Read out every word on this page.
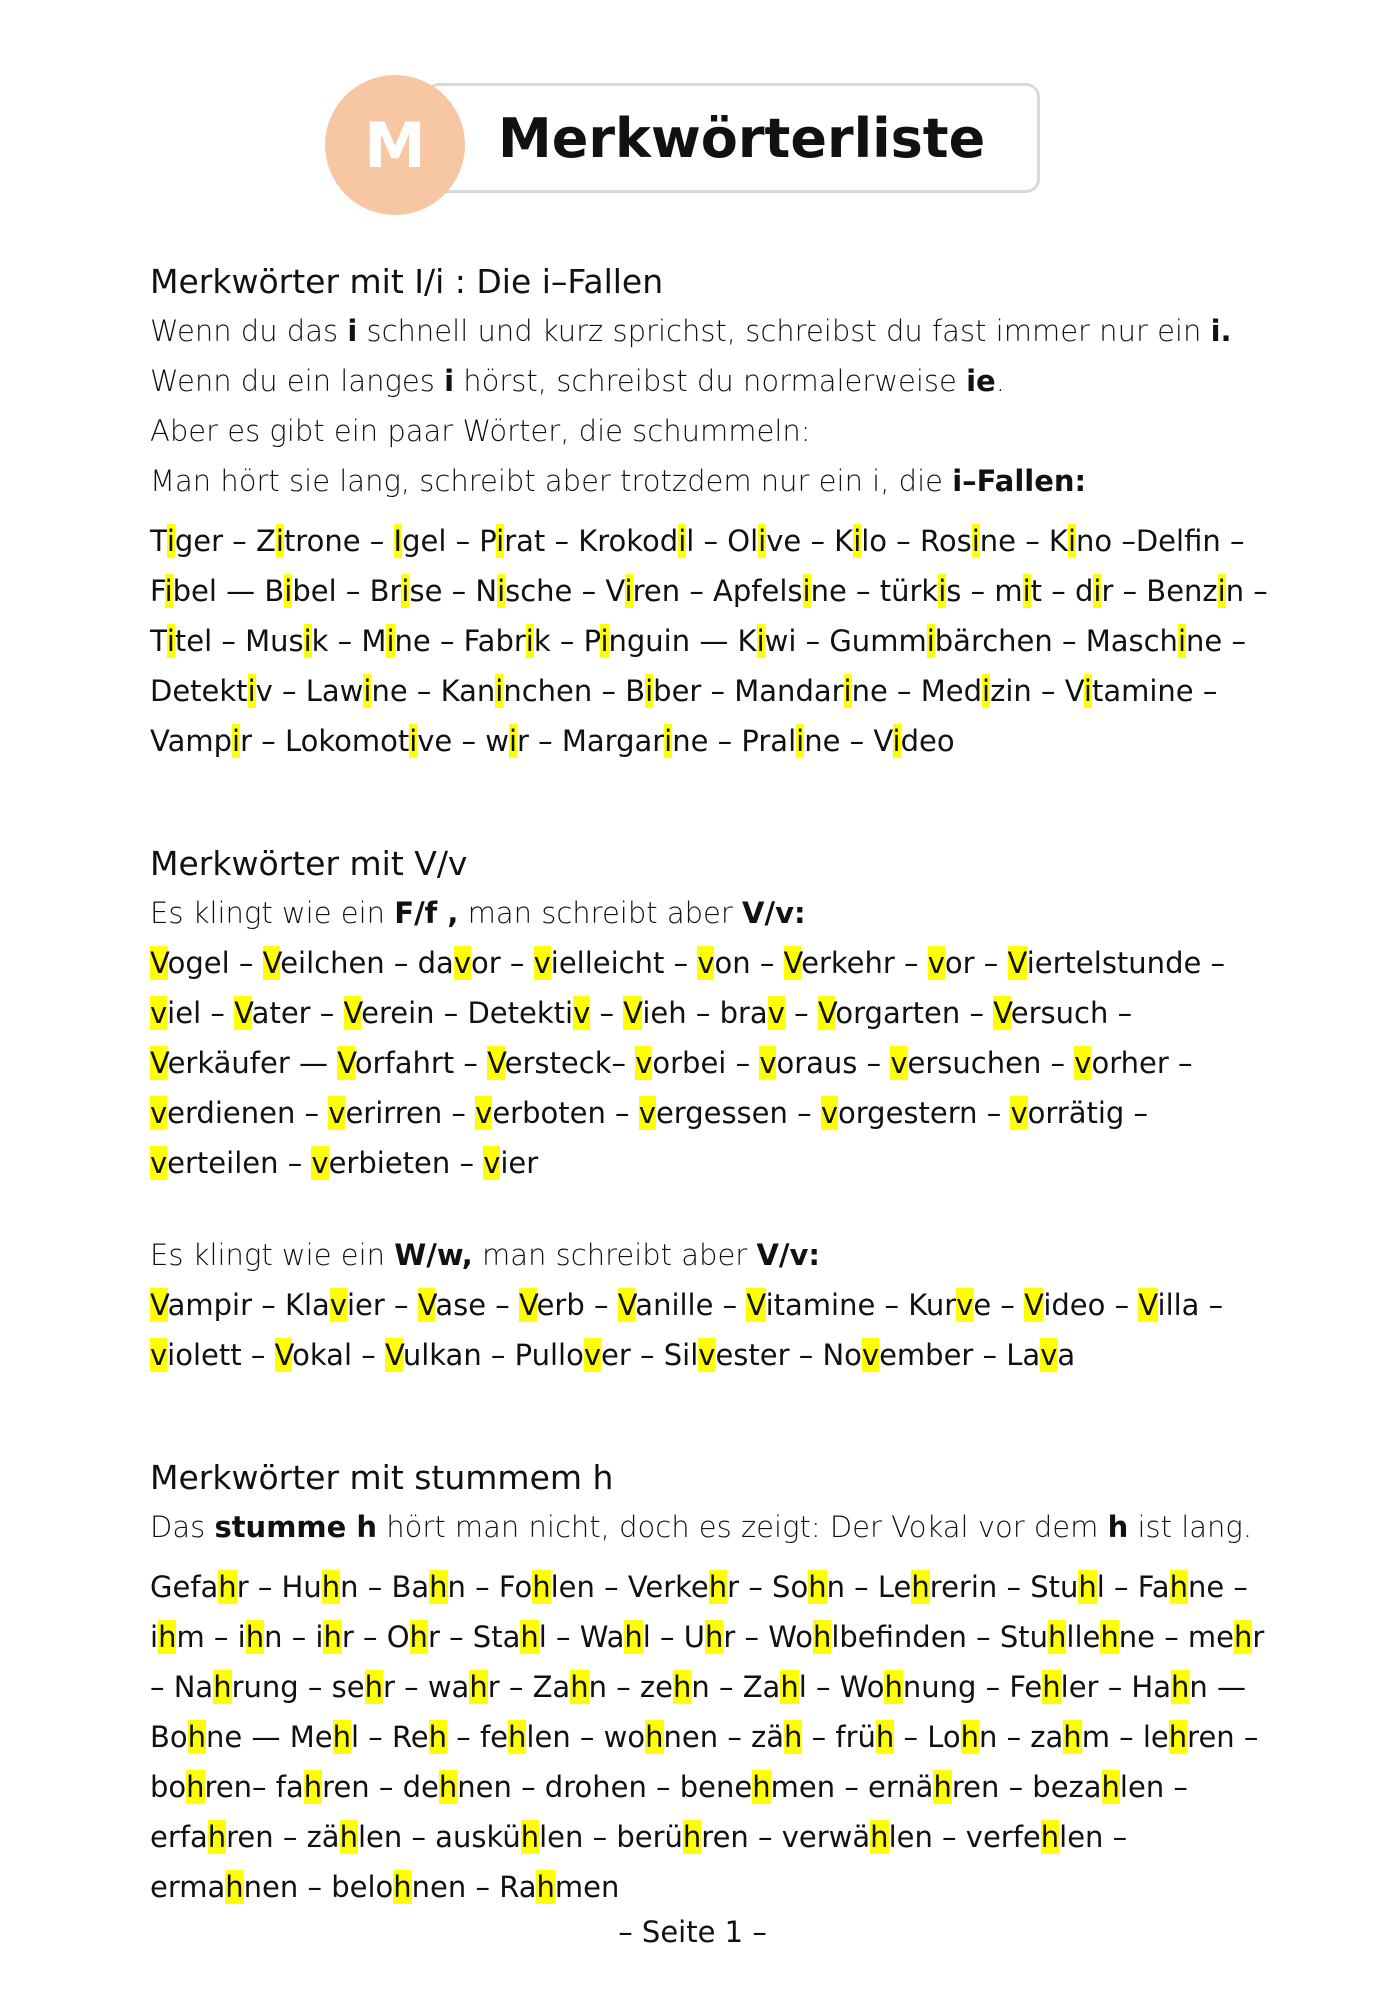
M	Merkwörterliste
Merkwörter mit I/i : Die i–Fallen

Wenn du das i schnell und kurz sprichst, schreibst du fast immer nur ein i.

Wenn du ein langes i hörst, schreibst du normalerweise ie.

Aber es gibt ein paar Wörter, die schummeln:

Man hört sie lang, schreibt aber trotzdem nur ein i, die i–Fallen:

Tiger – Zitrone – Igel – Pirat – Krokodil – Olive – Kilo – Rosine – Kino –Delfn – Fibel — Bibel – Brise – Nische – Viren – Apfelsine – türkis – mit – dir – Benzin – Titel – Musik – Mine – Fabrik – Pinguin — Kiwi – Gummibärchen – Maschine – Detektiv – Lawine – Kaninchen – Biber – Mandarine – Medizin – Vitamine – Vampir – Lokomotive – wir – Margarine – Praline – Video

Merkwörter mit V/v

Es klingt wie ein F/f , man schreibt aber V/v:

Vogel – Veilchen – davor – vielleicht – von – Verkehr – vor – Viertelstunde – viel – Vater – Verein – Detektiv – Vieh – brav – Vorgarten – Versuch – Verkäufer — Vorfahrt – Versteck– vorbei – voraus – versuchen – vorher – verdienen – verirren – verboten – vergessen – vorgestern – vorrätig – verteilen – verbieten – vier

Es klingt wie ein W/w, man schreibt aber V/v:

Vampir – Klavier – Vase – Verb – Vanille – Vitamine – Kurve – Video – Villa – violett – Vokal – Vulkan – Pullover – Silvester – November – Lava

Merkwörter mit stummem h

Das stumme h hört man nicht, doch es zeigt: Der Vokal vor dem h ist lang.

Gefahr – Huhn – Bahn – Fohlen – Verkehr – Sohn – Lehrerin – Stuhl – Fahne – ihm – ihn – ihr – Ohr – Stahl – Wahl – Uhr – Wohlbefinden – Stuhllehne – mehr – Nahrung – sehr – wahr – Zahn – zehn – Zahl – Wohnung – Fehler – Hahn — Bohne — Mehl – Reh – fehlen – wohnen – zäh – früh – Lohn – zahm – lehren – bohren– fahren – dehnen – drohen – benehmen – ernähren – bezahlen – erfahren – zählen – auskühlen – berühren – verwählen – verfehlen – ermahnen – belohnen – Rahmen

– Seite 1 –
